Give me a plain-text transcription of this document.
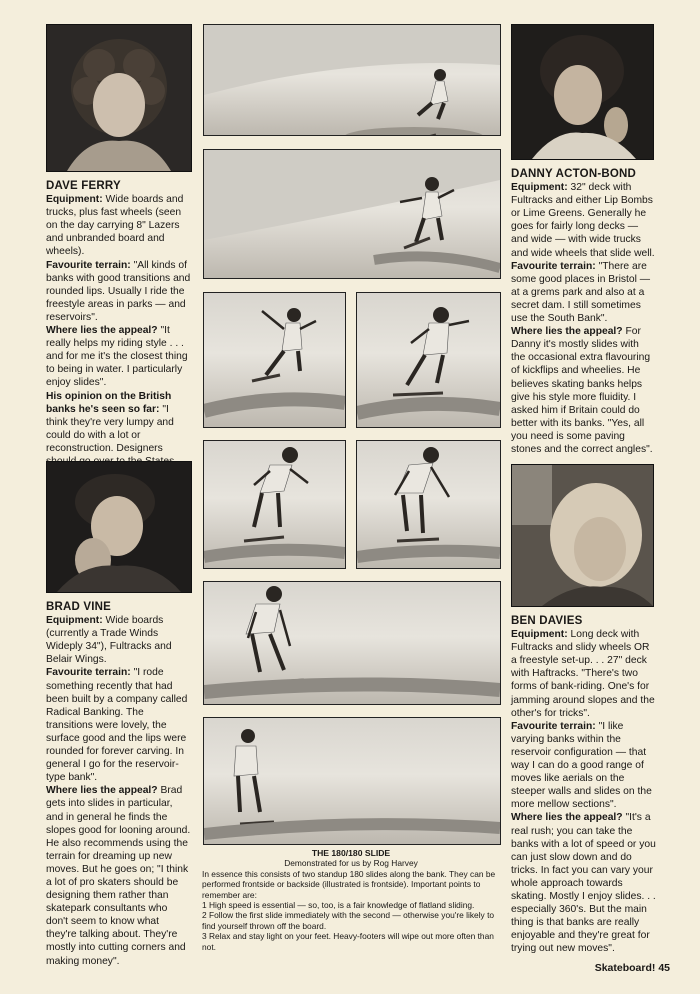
DAVE FERRY

Equipment: Wide boards and trucks, plus fast wheels (seen on the day carrying 8" Lazers and unbranded board and wheels).

Favourite terrain: "All kinds of banks with good transitions and rounded lips. Usually I ride the freestyle areas in parks — and reservoirs".

Where lies the appeal? "It really helps my riding style . . . and for me it's the closest thing to being in water. I particularly enjoy slides".

His opinion on the British banks he's seen so far: "I think they're very lumpy and could do with a lot or reconstruction. Designers

BRAD VINE

Equipment: Wide boards (currently a Trade Winds Wideply 34"), Fultracks and Belair Wings.

Favourite terrain: "I rode something recently that had been built by a company called Radical Banking. The transitions were lovely, the surface good and the lips were rounded for forever carving. In general I go for the reservoir-type bank".

Where lies the appeal? Brad gets into slides in particular, and in general he finds the slopes good for looning around. He also recommends using the terrain for dreaming up new moves. But he goes on; "I think a lot of pro skaters should be designing them rather than skatepark consultants who don't seem to know what they're talking about. They're mostly into cutting corners and making money".

THE 180/180 SLIDE

Demonstrated for us by Rog Harvey

In essence this consists of two standup 180 slides along the bank. They can be performed frontside or backside (illustrated is frontside). Important points to remember are:

1 High speed is essential — so, too, is a fair knowledge of flatland sliding.

2 Follow the first slide immediately with the second — otherwise you're likely to find yourself thrown off the board.

3 Relax and stay light on your feet. Heavy-footers will wipe out more often than not.

DANNY ACTON-BOND

Equipment: 32" deck with Fultracks and either Lip Bombs or Lime Greens. Generally he goes for fairly long decks — and wide — with wide trucks and wide wheels that slide well.

Favourite terrain: "There are some good places in Bristol — at a grems park and also at a secret dam. I still sometimes use the South Bank".

Where lies the appeal? For Danny it's mostly slides with the occasional extra flavouring of kickflips and wheelies. He believes skating banks helps give his style more fluidity. I asked him if Britain could do better with its banks. "Yes, all you need is some paving stones and the correct angles".

BEN DAVIES

Equipment: Long deck with Fultracks and slidy wheels OR a freestyle set-up. . . 27" deck with Haftracks. "There's two forms of bank-riding. One's for jamming around slopes and the other's for tricks".

Favourite terrain: "I like varying banks within the reservoir configuration — that way I can do a good range of moves like aerials on the steeper walls and slides on the more mellow sections".

Where lies the appeal? "It's a real rush; you can take the banks with a lot of speed or you can just slow down and do tricks. In fact you can vary your whole approach towards skating. Mostly I enjoy slides. . . especially 360's. But the main thing is that banks are really enjoyable and they're great for trying out new moves".

Skateboard! 45
